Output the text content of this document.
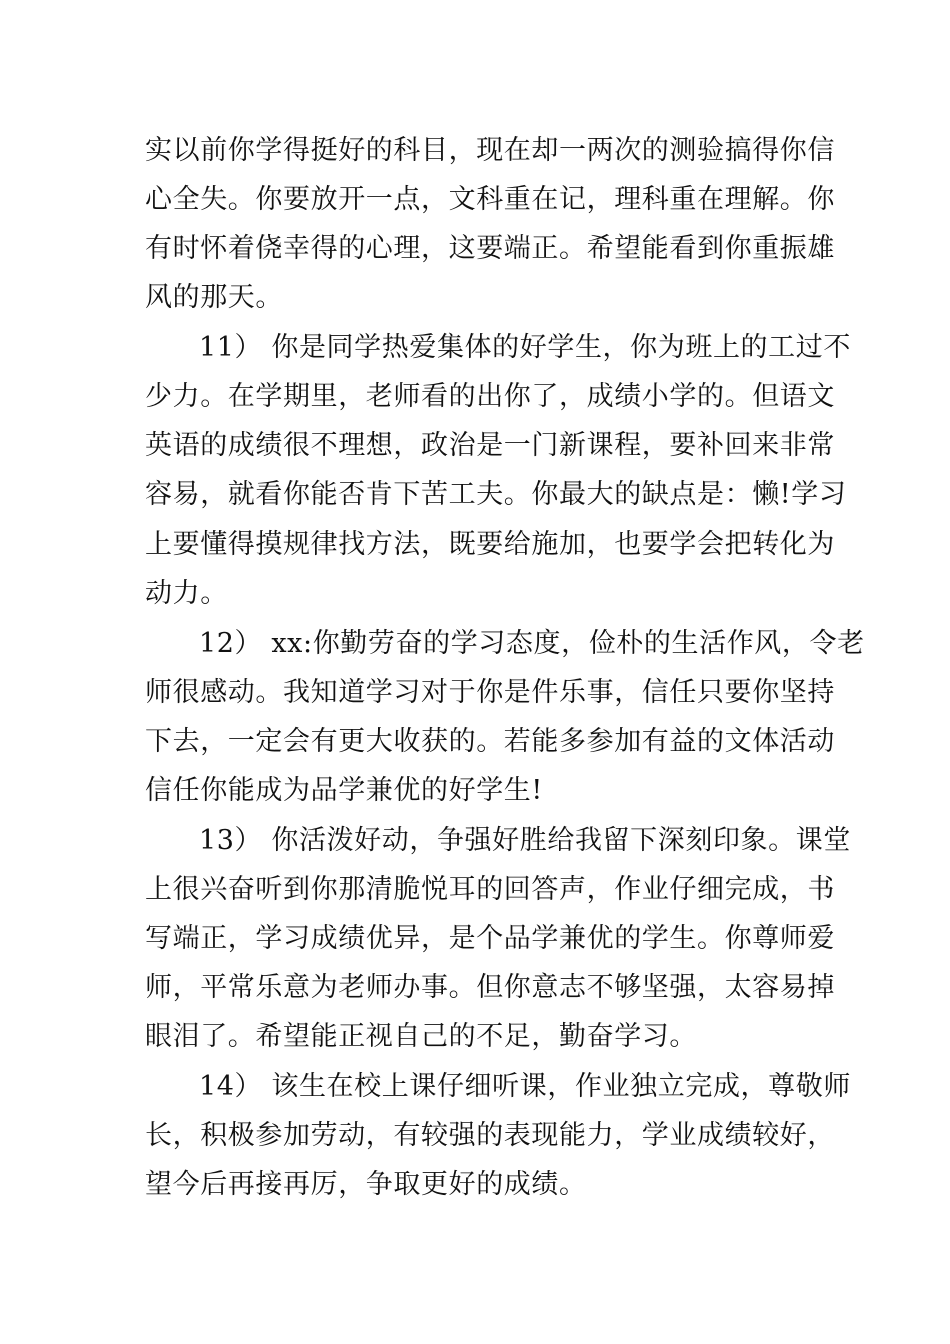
实以前你学得挺好的科目，现在却一两次的测验搞得你信
心全失。你要放开一点，文科重在记，理科重在理解。你
有时怀着侥幸得的心理，这要端正。希望能看到你重振雄
风的那天。
11） 你是同学热爱集体的好学生，你为班上的工过不
少力。在学期里，老师看的出你了，成绩小学的。但语文
英语的成绩很不理想，政治是一门新课程，要补回来非常
容易，就看你能否肯下苦工夫。你最大的缺点是：懒!学习
上要懂得摸规律找方法，既要给施加，也要学会把转化为
动力。
12） xx:你勤劳奋的学习态度，俭朴的生活作风，令老
师很感动。我知道学习对于你是件乐事，信任只要你坚持
下去，一定会有更大收获的。若能多参加有益的文体活动
信任你能成为品学兼优的好学生!
13） 你活泼好动，争强好胜给我留下深刻印象。课堂
上很兴奋听到你那清脆悦耳的回答声，作业仔细完成，书
写端正，学习成绩优异，是个品学兼优的学生。你尊师爱
师，平常乐意为老师办事。但你意志不够坚强，太容易掉
眼泪了。希望能正视自己的不足，勤奋学习。
14） 该生在校上课仔细听课，作业独立完成，尊敬师
长，积极参加劳动，有较强的表现能力，学业成绩较好，
望今后再接再厉，争取更好的成绩。
